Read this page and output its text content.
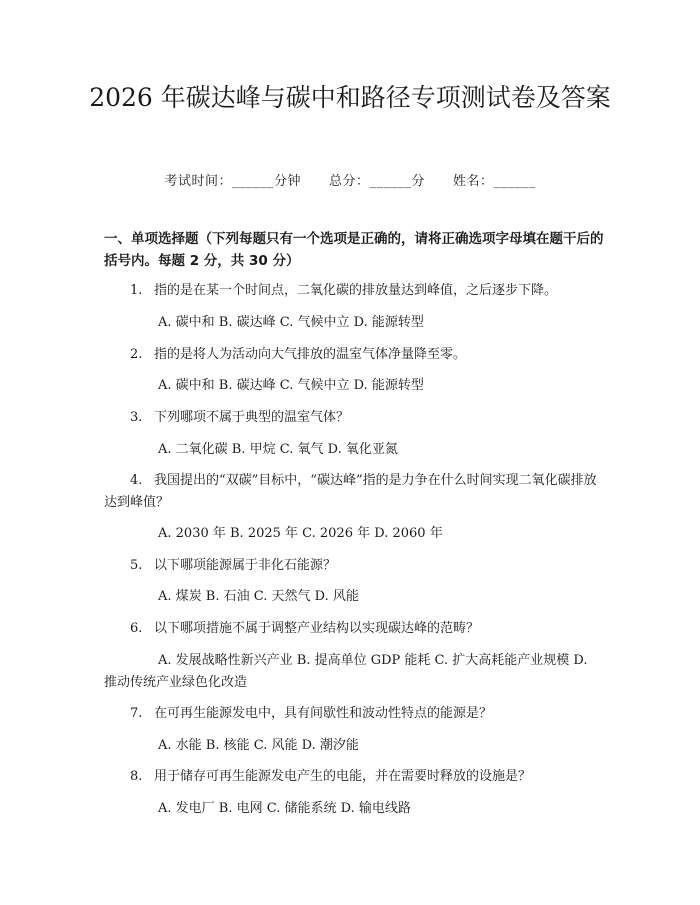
2026 年碳达峰与碳中和路径专项测试卷及答案
考试时间：______分钟 总分：______分 姓名：______
一、单项选择题（下列每题只有一个选项是正确的，请将正确选项字母填在题干后的括号内。每题 2 分，共 30 分）
1. 指的是在某一个时间点，二氧化碳的排放量达到峰值，之后逐步下降。
A. 碳中和 B. 碳达峰 C. 气候中立 D. 能源转型
2. 指的是将人为活动向大气排放的温室气体净量降至零。
A. 碳中和 B. 碳达峰 C. 气候中立 D. 能源转型
3. 下列哪项不属于典型的温室气体？
A. 二氧化碳 B. 甲烷 C. 氧气 D. 氧化亚氮
4. 我国提出的“双碳”目标中，“碳达峰”指的是力争在什么时间实现二氧化碳排放达到峰值？
A. 2030 年 B. 2025 年 C. 2026 年 D. 2060 年
5. 以下哪项能源属于非化石能源？
A. 煤炭 B. 石油 C. 天然气 D. 风能
6. 以下哪项措施不属于调整产业结构以实现碳达峰的范畴？
A. 发展战略性新兴产业 B. 提高单位 GDP 能耗 C. 扩大高耗能产业规模 D. 推动传统产业绿色化改造
7. 在可再生能源发电中，具有间歇性和波动性特点的能源是？
A. 水能 B. 核能 C. 风能 D. 潮汐能
8. 用于储存可再生能源发电产生的电能，并在需要时释放的设施是？
A. 发电厂 B. 电网 C. 储能系统 D. 输电线路
